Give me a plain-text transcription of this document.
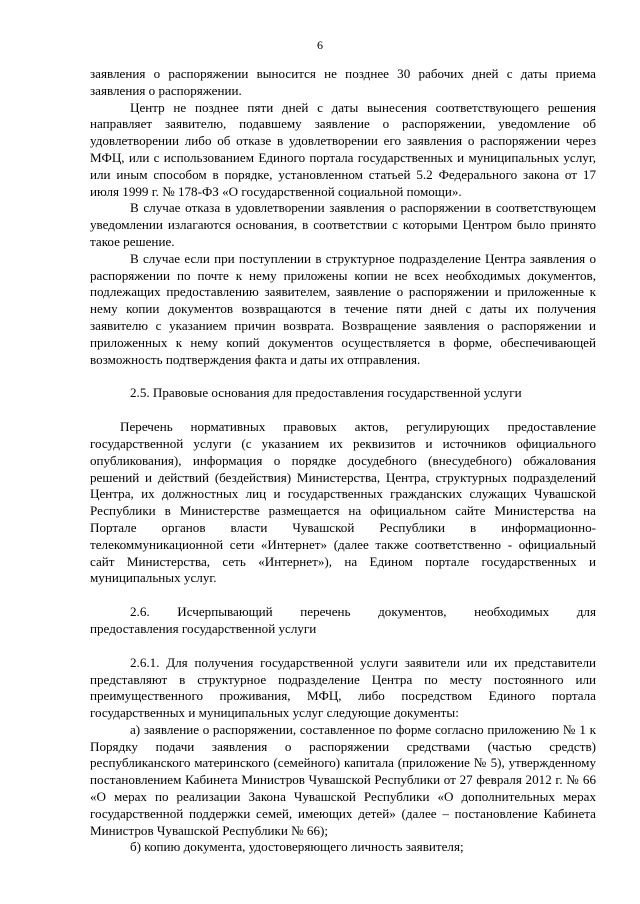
6

заявления о распоряжении выносится не позднее 30 рабочих дней с даты приема заявления о распоряжении.

Центр не позднее пяти дней с даты вынесения соответствующего решения направляет заявителю, подавшему заявление о распоряжении, уведомление об удовлетворении либо об отказе в удовлетворении его заявления о распоряжении через МФЦ, или с использованием Единого портала государственных и муниципальных услуг, или иным способом в порядке, установленном статьей 5.2 Федерального закона от 17 июля 1999 г. № 178-ФЗ «О государственной социальной помощи».

В случае отказа в удовлетворении заявления о распоряжении в соответствующем уведомлении излагаются основания, в соответствии с которыми Центром было принято такое решение.

В случае если при поступлении в структурное подразделение Центра заявления о распоряжении по почте к нему приложены копии не всех необходимых документов, подлежащих предоставлению заявителем, заявление о распоряжении и приложенные к нему копии документов возвращаются в течение пяти дней с даты их получения заявителю с указанием причин возврата. Возвращение заявления о распоряжении и приложенных к нему копий документов осуществляется в форме, обеспечивающей возможность подтверждения факта и даты их отправления.

2.5. Правовые основания для предоставления государственной услуги

Перечень нормативных правовых актов, регулирующих предоставление государственной услуги (с указанием их реквизитов и источников официального опубликования), информация о порядке досудебного (внесудебного) обжалования решений и действий (бездействия) Министерства, Центра, структурных подразделений Центра, их должностных лиц и государственных гражданских служащих Чувашской Республики в Министерстве размещается на официальном сайте Министерства на Портале органов власти Чувашской Республики в информационно-телекоммуникационной сети «Интернет» (далее также соответственно - официальный сайт Министерства, сеть «Интернет»), на Едином портале государственных и муниципальных услуг.

2.6. Исчерпывающий перечень документов, необходимых для

предоставления государственной услуги

2.6.1. Для получения государственной услуги заявители или их представители представляют в структурное подразделение Центра по месту постоянного или преимущественного проживания, МФЦ, либо посредством Единого портала государственных и муниципальных услуг следующие документы:

а) заявление о распоряжении, составленное по форме согласно приложению № 1 к Порядку подачи заявления о распоряжении средствами (частью средств) республиканского материнского (семейного) капитала (приложение № 5), утвержденному постановлением Кабинета Министров Чувашской Республики от 27 февраля 2012 г. № 66 «О мерах по реализации Закона Чувашской Республики «О дополнительных мерах государственной поддержки семей, имеющих детей» (далее – постановление Кабинета Министров Чувашской Республики № 66);

б) копию документа, удостоверяющего личность заявителя;
